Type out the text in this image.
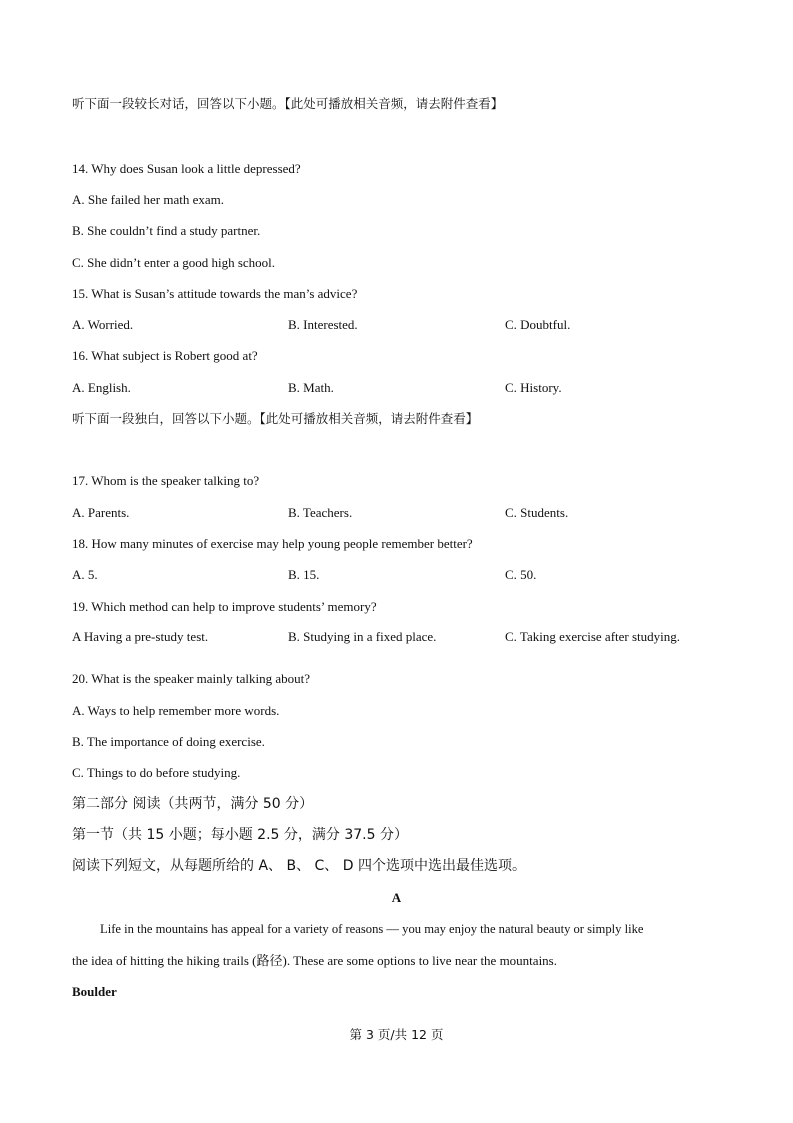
听下面一段较长对话，回答以下小题。【此处可播放相关音频，请去附件查看】
14. Why does Susan look a little depressed?
A. She failed her math exam.
B. She couldn’t find a study partner.
C. She didn’t enter a good high school.
15. What is Susan’s attitude towards the man’s advice?
A. Worried.	B. Interested.	C. Doubtful.
16. What subject is Robert good at?
A. English.	B. Math.	C. History.
听下面一段独白，回答以下小题。【此处可播放相关音频，请去附件查看】
17. Whom is the speaker talking to?
A. Parents.	B. Teachers.	C. Students.
18. How many minutes of exercise may help young people remember better?
A. 5.	B. 15.	C. 50.
19. Which method can help to improve students’ memory?
A Having a pre-study test.	B. Studying in a fixed place.	C. Taking exercise after studying.
20. What is the speaker mainly talking about?
A. Ways to help remember more words.
B. The importance of doing exercise.
C. Things to do before studying.
第二部分 阅读（共两节，满分 50 分）
第一节（共 15 小题；每小题 2.5 分，满分 37.5 分）
阅读下列短文，从每题所给的 A、 B、 C、 D 四个选项中选出最佳选项。
A
Life in the mountains has appeal for a variety of reasons — you may enjoy the natural beauty or simply like
the idea of hitting the hiking trails (路径). These are some options to live near the mountains.
Boulder
第 3 页/共 12 页
